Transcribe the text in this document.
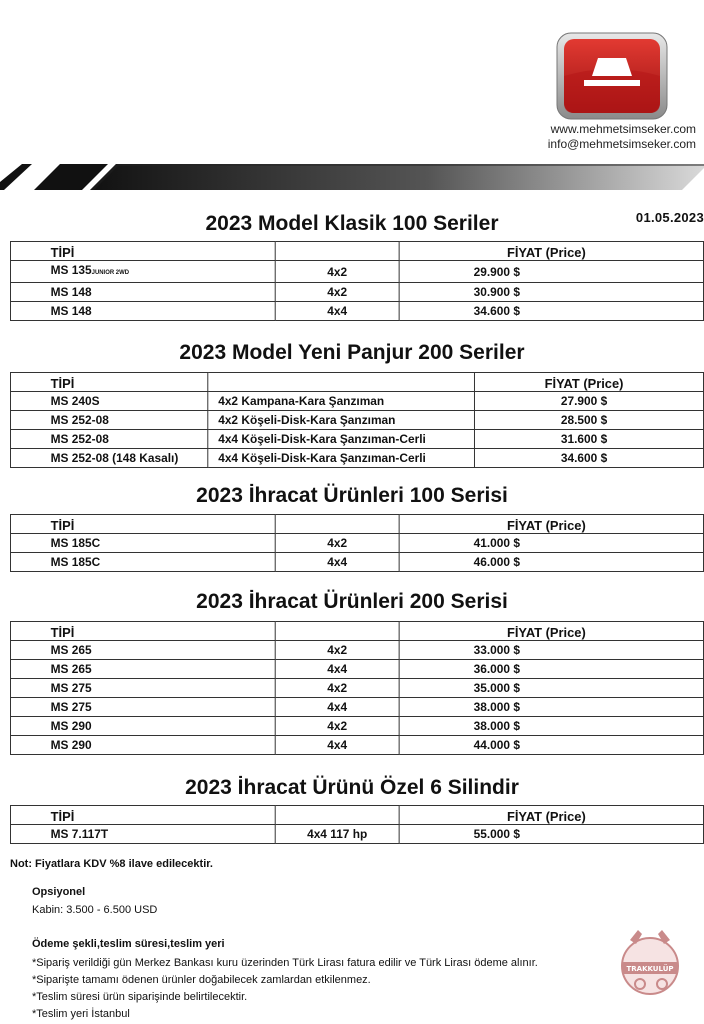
www.mehmetsimseker.com
info@mehmetsimseker.com
01.05.2023
2023 Model Klasik 100 Seriler
TİPİ		FİYAT (Price)
MS 135JUNIOR 2WD	4x2	29.900 $
MS 148	4x2	30.900 $
MS 148	4x4	34.600 $
2023 Model Yeni Panjur 200 Seriler
TİPİ		FİYAT (Price)
MS 240S	4x2 Kampana-Kara Şanzıman	27.900 $
MS 252-08	4x2 Köşeli-Disk-Kara Şanzıman	28.500 $
MS 252-08	4x4 Köşeli-Disk-Kara Şanzıman-Cerli	31.600 $
MS 252-08 (148 Kasalı)	4x4 Köşeli-Disk-Kara Şanzıman-Cerli	34.600 $
2023 İhracat Ürünleri 100 Serisi
TİPİ		FİYAT (Price)
MS 185C	4x2	41.000 $
MS 185C	4x4	46.000 $
2023 İhracat Ürünleri 200 Serisi
TİPİ		FİYAT (Price)
MS 265	4x2	33.000 $
MS 265	4x4	36.000 $
MS 275	4x2	35.000 $
MS 275	4x4	38.000 $
MS 290	4x2	38.000 $
MS 290	4x4	44.000 $
2023 İhracat Ürünü Özel 6 Silindir
TİPİ		FİYAT (Price)
MS 7.117T	4x4 117 hp	55.000 $
Not: Fiyatlara KDV %8 ilave edilecektir.
Opsiyonel
Kabin: 3.500 - 6.500 USD
Ödeme şekli,teslim süresi,teslim yeri
*Sipariş verildiği gün Merkez Bankası kuru üzerinden Türk Lirası fatura edilir ve Türk Lirası ödeme alınır.
*Siparişte tamamı ödenen ürünler doğabilecek zamlardan etkilenmez.
*Teslim süresi ürün siparişinde belirtilecektir.
*Teslim yeri İstanbul
TRAKKULÜP
